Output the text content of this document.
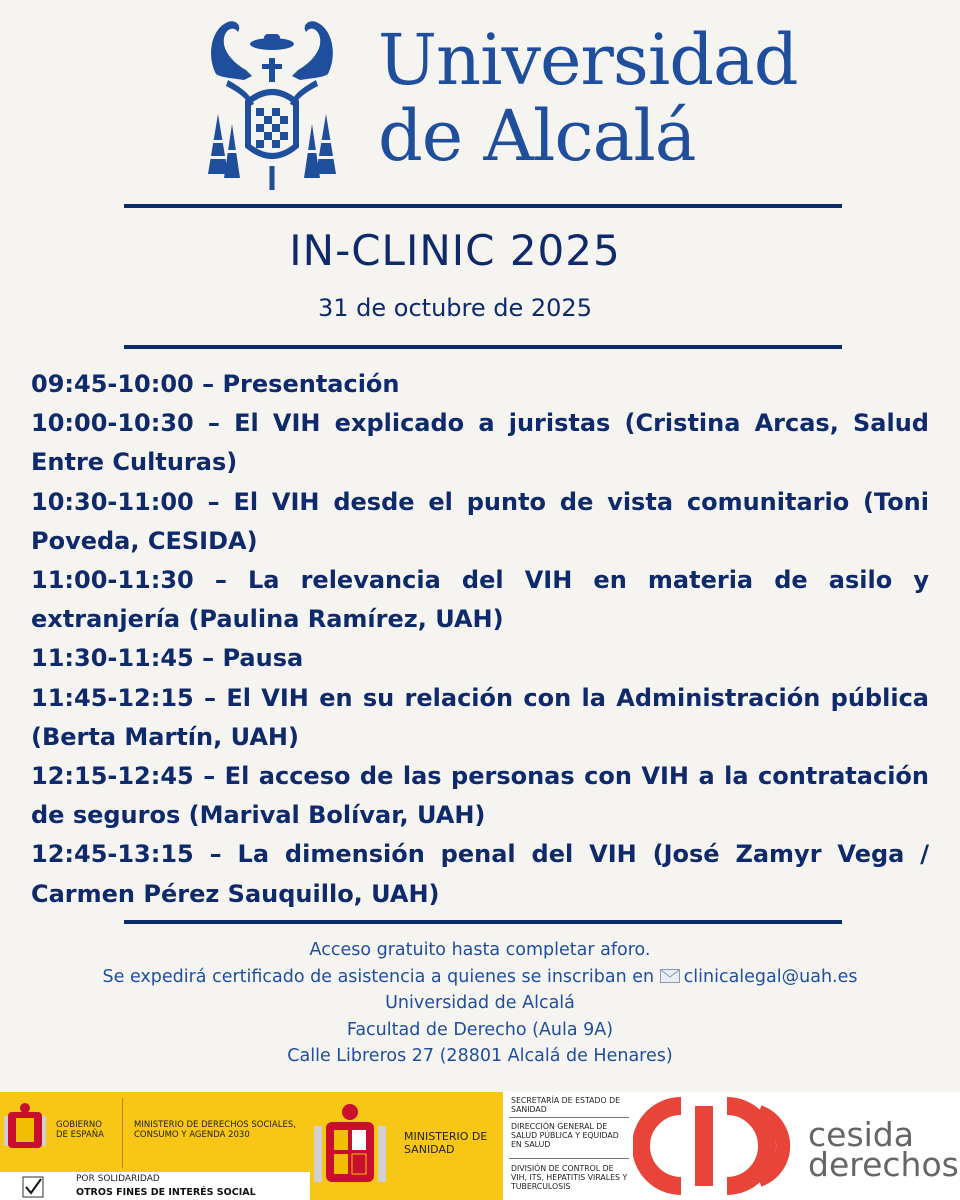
Universidad
de Alcalá
IN-CLINIC 2025
31 de octubre de 2025
09:45-10:00 – Presentación
10:00-10:30 – El VIH explicado a juristas (Cristina Arcas, Salud Entre Culturas)
10:30-11:00 – El VIH desde el punto de vista comunitario (Toni Poveda, CESIDA)
11:00-11:30 – La relevancia del VIH en materia de asilo y extranjería (Paulina Ramírez, UAH)
11:30-11:45 – Pausa
11:45-12:15 – El VIH en su relación con la Administración pública (Berta Martín, UAH)
12:15-12:45 – El acceso de las personas con VIH a la contratación de seguros (Marival Bolívar, UAH)
12:45-13:15 – La dimensión penal del VIH (José Zamyr Vega / Carmen Pérez Sauquillo, UAH)
Acceso gratuito hasta completar aforo.
Se expedirá certificado de asistencia a quienes se inscriban en clinicalegal@uah.es
Universidad de Alcalá
Facultad de Derecho (Aula 9A)
Calle Libreros 27 (28801 Alcalá de Henares)
GOBIERNO DE ESPAÑA
MINISTERIO DE DERECHOS SOCIALES, CONSUMO Y AGENDA 2030	MINISTERIO DE SANIDAD
POR SOLIDARIDAD
OTROS FINES DE INTERÉS SOCIAL
SECRETARÍA DE ESTADO DE SANIDAD
DIRECCIÓN GENERAL DE SALUD PÚBLICA Y EQUIDAD EN SALUD
DIVISIÓN DE CONTROL DE VIH, ITS, HEPATITIS VIRALES Y TUBERCULOSIS
cesida
derechos
